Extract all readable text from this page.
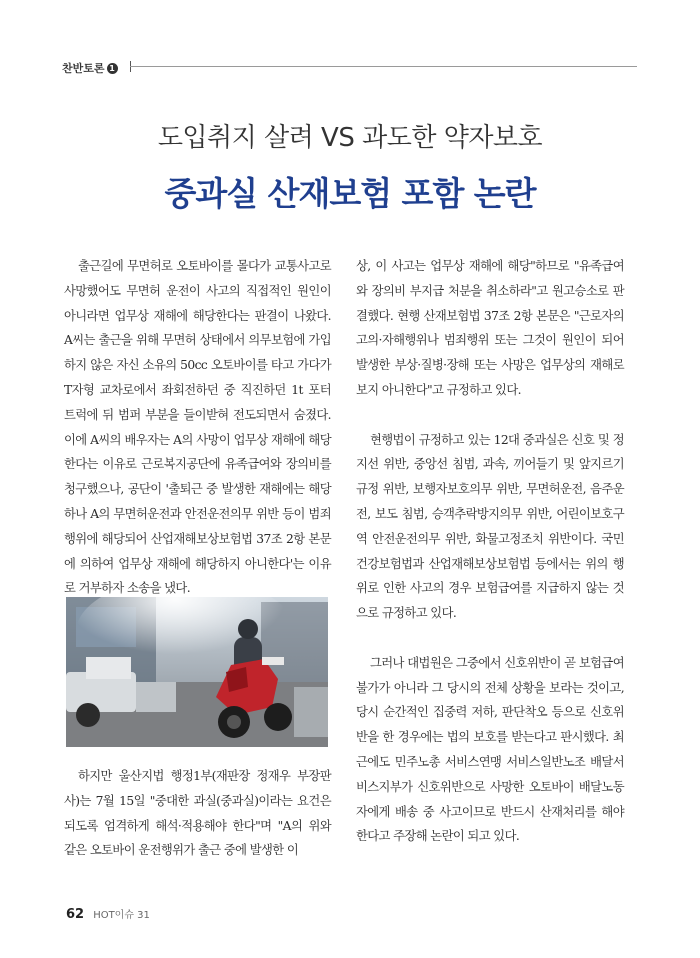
찬반토론 1
도입취지 살려 VS 과도한 약자보호
중과실 산재보험 포함 논란

출근길에 무면허로 오토바이를 몰다가 교통사고로 사망했어도 무면허 운전이 사고의 직접적인 원인이 아니라면 업무상 재해에 해당한다는 판결이 나왔다. A씨는 출근을 위해 무면허 상태에서 의무보험에 가입하지 않은 자신 소유의 50cc 오토바이를 타고 가다가 T자형 교차로에서 좌회전하던 중 직진하던 1t 포터 트럭에 뒤 범퍼 부분을 들이받혀 전도되면서 숨졌다. 이에 A씨의 배우자는 A의 사망이 업무상 재해에 해당한다는 이유로 근로복지공단에 유족급여와 장의비를 청구했으나, 공단이 '출퇴근 중 발생한 재해에는 해당하나 A의 무면허운전과 안전운전의무 위반 등이 범죄행위에 해당되어 산업재해보상보험법 37조 2항 본문에 의하여 업무상 재해에 해당하지 아니한다'는 이유로 거부하자 소송을 냈다.

하지만 울산지법 행정1부(재판장 정재우 부장판사)는 7월 15일 "중대한 과실(중과실)이라는 요건은 되도록 엄격하게 해석·적용해야 한다"며 "A의 위와 같은 오토바이 운전행위가 출근 중에 발생한 이

상, 이 사고는 업무상 재해에 해당"하므로 "유족급여와 장의비 부지급 처분을 취소하라"고 원고승소로 판결했다. 현행 산재보험법 37조 2항 본문은 "근로자의 고의·자해행위나 범죄행위 또는 그것이 원인이 되어 발생한 부상·질병·장해 또는 사망은 업무상의 재해로 보지 아니한다"고 규정하고 있다.

현행법이 규정하고 있는 12대 중과실은 신호 및 정지선 위반, 중앙선 침범, 과속, 끼어들기 및 앞지르기 규정 위반, 보행자보호의무 위반, 무면허운전, 음주운전, 보도 침범, 승객추락방지의무 위반, 어린이보호구역 안전운전의무 위반, 화물고정조치 위반이다. 국민건강보험법과 산업재해보상보험법 등에서는 위의 행위로 인한 사고의 경우 보험급여를 지급하지 않는 것으로 규정하고 있다.

그러나 대법원은 그중에서 신호위반이 곧 보험급여불가가 아니라 그 당시의 전체 상황을 보라는 것이고, 당시 순간적인 집중력 저하, 판단착오 등으로 신호위반을 한 경우에는 법의 보호를 받는다고 판시했다. 최근에도 민주노총 서비스연맹 서비스일반노조 배달서비스지부가 신호위반으로 사망한 오토바이 배달노동자에게 배송 중 사고이므로 반드시 산재처리를 해야 한다고 주장해 논란이 되고 있다.

62 HOT이슈 31
